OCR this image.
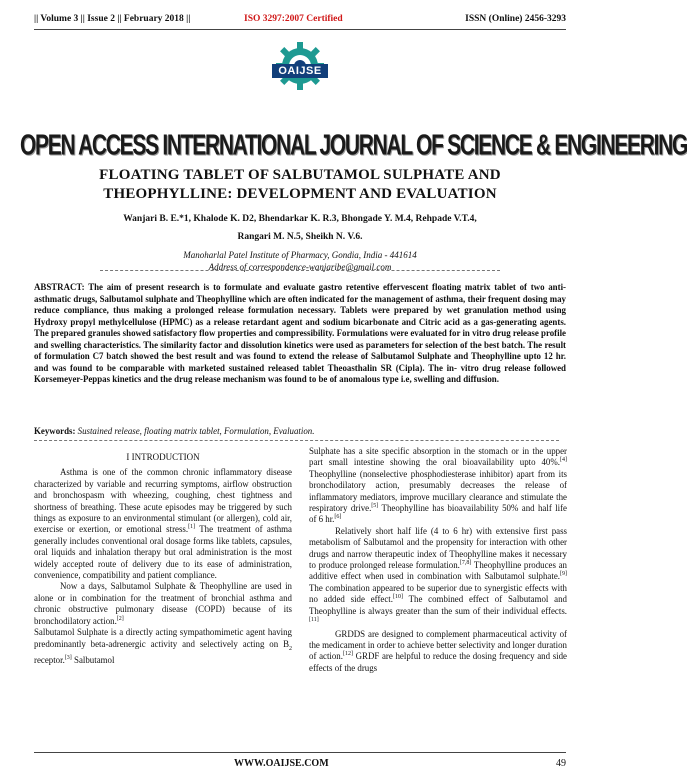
|| Volume 3 || Issue 2 || February 2018 ||	ISO 3297:2007 Certified	ISSN (Online) 2456-3293
OAIJSE
OPEN ACCESS INTERNATIONAL JOURNAL OF SCIENCE & ENGINEERING
FLOATING TABLET OF SALBUTAMOL SULPHATE AND
THEOPHYLLINE: DEVELOPMENT AND EVALUATION
Wanjari B. E.*1, Khalode K. D2, Bhendarkar K. R.3, Bhongade Y. M.4, Rehpade V.T.4,
Rangari M. N.5, Sheikh N. V.6.
Manoharlal Patel Institute of Pharmacy, Gondia, India - 441614
Address of correspondence-wanjaribe@gmail.com
ABSTRACT: The aim of present research is to formulate and evaluate gastro retentive effervescent floating matrix tablet of two anti-asthmatic drugs, Salbutamol sulphate and Theophylline which are often indicated for the management of asthma, their frequent dosing may reduce compliance, thus making a prolonged release formulation necessary. Tablets were prepared by wet granulation method using Hydroxy propyl methylcellulose (HPMC) as a release retardant agent and sodium bicarbonate and Citric acid as a gas-generating agents. The prepared granules showed satisfactory flow properties and compressibility. Formulations were evaluated for in vitro drug release profile and swelling characteristics. The similarity factor and dissolution kinetics were used as parameters for selection of the best batch. The result of formulation C7 batch showed the best result and was found to extend the release of Salbutamol Sulphate and Theophylline upto 12 hr. and was found to be comparable with marketed sustained released tablet Theoasthalin SR (Cipla). The in- vitro drug release followed Korsemeyer-Peppas kinetics and the drug release mechanism was found to be of anomalous type i.e, swelling and diffusion.
Keywords: Sustained release, floating matrix tablet, Formulation, Evaluation.
I INTRODUCTION

Asthma is one of the common chronic inflammatory disease characterized by variable and recurring symptoms, airflow obstruction and bronchospasm with wheezing, coughing, chest tightness and shortness of breathing. These acute episodes may be triggered by such things as exposure to an environmental stimulant (or allergen), cold air, exercise or exertion, or emotional stress.[1] The treatment of asthma generally includes conventional oral dosage forms like tablets, capsules, oral liquids and inhalation therapy but oral administration is the most widely accepted route of delivery due to its ease of administration, convenience, compatibility and patient compliance.

Now a days, Salbutamol Sulphate & Theophylline are used in alone or in combination for the treatment of bronchial asthma and chronic obstructive pulmonary disease (COPD) because of its bronchodilatory action.[2]

Salbutamol Sulphate is a directly acting sympathomimetic agent having predominantly beta-adrenergic activity and selectively acting on $B_2$ receptor.[3] Salbutamol

Sulphate has a site specific absorption in the stomach or in the upper part small intestine showing the oral bioavailability upto 40%.[4] Theophylline (nonselective phosphodiesterase inhibitor) apart from its bronchodilatory action, presumably decreases the release of inflammatory mediators, improve mucillary clearance and stimulate the respiratory drive.[5] Theophylline has bioavailability 50% and half life of 6 hr.[6]

Relatively short half life (4 to 6 hr) with extensive first pass metabolism of Salbutamol and the propensity for interaction with other drugs and narrow therapeutic index of Theophylline makes it necessary to produce prolonged release formulation.[7,8] Theophylline produces an additive effect when used in combination with Salbutamol sulphate.[9] The combination appeared to be superior due to synergistic effects with no added side effect.[10] The combined effect of Salbutamol and Theophylline is always greater than the sum of their individual effects.[11]

GRDDS are designed to complement pharmaceutical activity of the medicament in order to achieve better selectivity and longer duration of action.[12] GRDF are helpful to reduce the dosing frequency and side effects of the drugs

WWW.OAIJSE.COM	49
